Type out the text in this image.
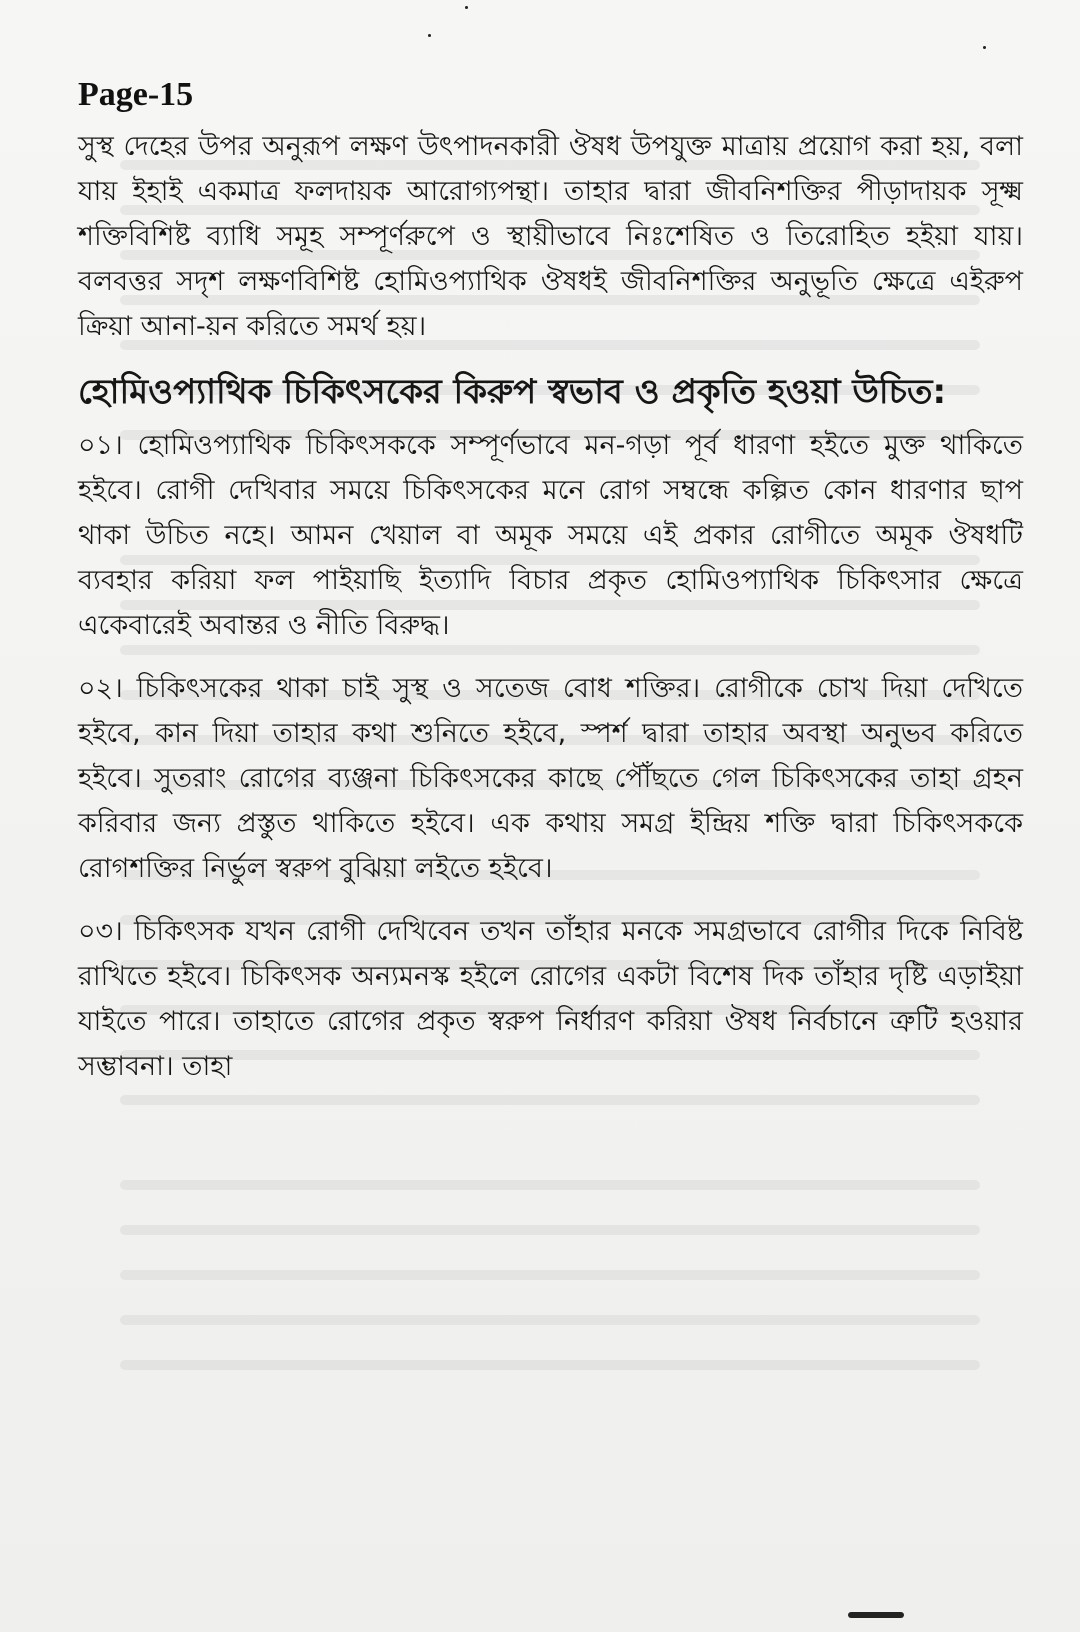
Page-15

সুস্থ দেহের উপর অনুরূপ লক্ষণ উৎপাদনকারী ঔষধ উপযুক্ত মাত্রায় প্রয়োগ করা হয়, বলা যায় ইহাই একমাত্র ফলদায়ক আরোগ্যপন্থা। তাহার দ্বারা জীবনিশক্তির পীড়াদায়ক সূক্ষ্ম শক্তিবিশিষ্ট ব্যাধি সমূহ সম্পূর্ণরুপে ও স্থায়ীভাবে নিঃশেষিত ও তিরোহিত হইয়া যায়। বলবত্তর সদৃশ লক্ষণবিশিষ্ট হোমিওপ্যাথিক ঔষধই জীবনিশক্তির অনুভূতি ক্ষেত্রে এইরুপ ক্রিয়া আনা-য়ন করিতে সমর্থ হয়।

হোমিওপ্যাথিক চিকিৎসকের কিরুপ স্বভাব ও প্রকৃতি হওয়া উচিত:

০১। হোমিওপ্যাথিক চিকিৎসককে সম্পূর্ণভাবে মন-গড়া পূর্ব ধারণা হইতে মুক্ত থাকিতে হইবে। রোগী দেখিবার সময়ে চিকিৎসকের মনে রোগ সম্বন্ধে কল্পিত কোন ধারণার ছাপ থাকা উচিত নহে। আমন খেয়াল বা অমূক সময়ে এই প্রকার রোগীতে অমূক ঔষধটি ব্যবহার করিয়া ফল পাইয়াছি ইত্যাদি বিচার প্রকৃত হোমিওপ্যাথিক চিকিৎসার ক্ষেত্রে একেবারেই অবান্তর ও নীতি বিরুদ্ধ।

০২। চিকিৎসকের থাকা চাই সুস্থ ও সতেজ বোধ শক্তির। রোগীকে চোখ দিয়া দেখিতে হইবে, কান দিয়া তাহার কথা শুনিতে হইবে, স্পর্শ দ্বারা তাহার অবস্থা অনুভব করিতে হইবে। সুতরাং রোগের ব্যঞ্জনা চিকিৎসকের কাছে পৌঁছতে গেল চিকিৎসকের তাহা গ্রহন করিবার জন্য প্রস্তুত থাকিতে হইবে। এক কথায় সমগ্র ইন্দ্রিয় শক্তি দ্বারা চিকিৎসককে রোগশক্তির নির্ভুল স্বরুপ বুঝিয়া লইতে হইবে।

০৩। চিকিৎসক যখন রোগী দেখিবেন তখন তাঁহার মনকে সমগ্রভাবে রোগীর দিকে নিবিষ্ট রাখিতে হইবে। চিকিৎসক অন্যমনস্ক হইলে রোগের একটা বিশেষ দিক তাঁহার দৃষ্টি এড়াইয়া যাইতে পারে। তাহাতে রোগের প্রকৃত স্বরুপ নির্ধারণ করিয়া ঔষধ নির্বচানে ত্রুটি হওয়ার সম্ভাবনা। তাহা
